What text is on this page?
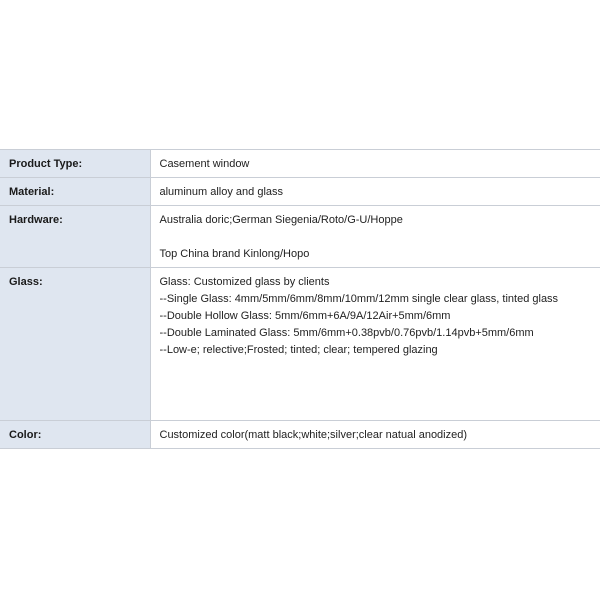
Product Type:	Casement window

Material:	aluminum alloy and glass

Hardware:	Australia doric;German Siegenia/Roto/G-U/Hoppe
Top China brand Kinlong/Hopo

Glass:	Glass: Customized glass by clients
--Single Glass: 4mm/5mm/6mm/8mm/10mm/12mm single clear glass, tinted glass
--Double Hollow Glass: 5mm/6mm+6A/9A/12Air+5mm/6mm
--Double Laminated Glass: 5mm/6mm+0.38pvb/0.76pvb/1.14pvb+5mm/6mm
--Low-e; relective;Frosted; tinted; clear; tempered glazing

Color:	Customized color(matt black;white;silver;clear natual anodized)
